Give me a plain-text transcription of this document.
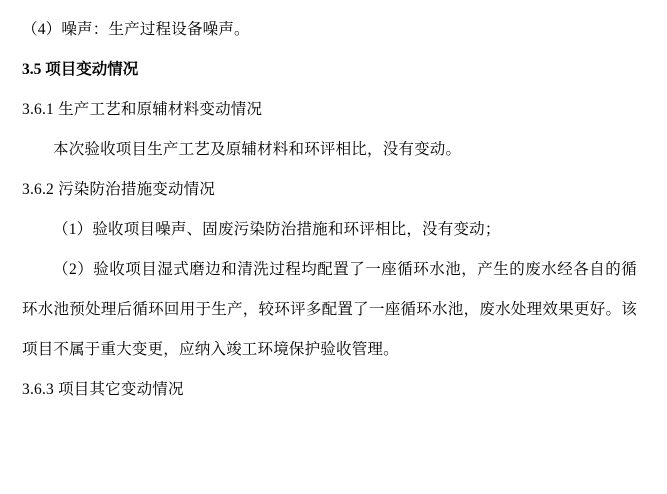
（4）噪声：生产过程设备噪声。
3.5 项目变动情况
3.6.1 生产工艺和原辅材料变动情况
本次验收项目生产工艺及原辅材料和环评相比，没有变动。
3.6.2 污染防治措施变动情况
（1）验收项目噪声、固废污染防治措施和环评相比，没有变动；
（2）验收项目湿式磨边和清洗过程均配置了一座循环水池，产生的废水经各自的循环水池预处理后循环回用于生产，较环评多配置了一座循环水池，废水处理效果更好。该项目不属于重大变更，应纳入竣工环境保护验收管理。
3.6.3 项目其它变动情况
